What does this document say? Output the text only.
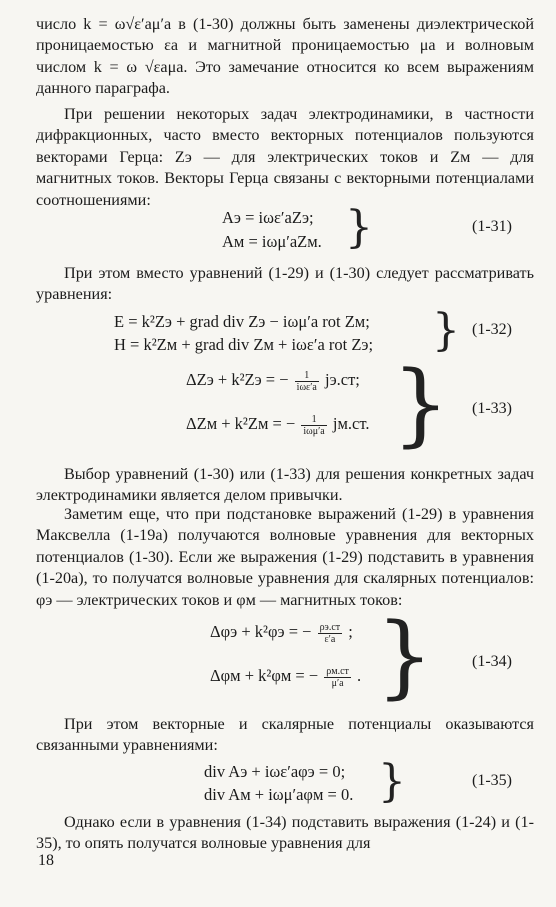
число k = ω√ε′aμ′a в (1-30) должны быть заменены диэлектрической проницаемостью εa и магнитной проницаемостью μa и волновым числом k = ω √εaμa. Это замечание относится ко всем выражениям данного параграфа.

При решении некоторых задач электродинамики, в частности дифракционных, часто вместо векторных потенциалов пользуются векторами Герца: Zэ — для электрических токов и Zм — для магнитных токов. Векторы Герца связаны с векторными потенциалами соотношениями:

Aэ = iωε′aZэ;
Aм = iωμ′aZм. }	(1-31)

При этом вместо уравнений (1-29) и (1-30) следует рассматривать уравнения:

E = k²Zэ + grad div Zэ − iωμ′a rot Zм;
H = k²Zм + grad div Zм + iωε′a rot Zэ; } (1-32)
ΔZэ + k²Zэ = − $\frac{1}{\text{iωε′a}} jэ.ст$;
ΔZм + k²Zм = − $\frac{1}{\text{iωμ′a}} jм.ст$. } (1-33)

Выбор уравнений (1-30) или (1-33) для решения конкретных задач электродинамики является делом привычки.

Заметим еще, что при подстановке выражений (1-29) в уравнения Максвелла (1-19а) получаются волновые уравнения для векторных потенциалов (1-30). Если же выражения (1-29) подставить в уравнения (1-20а), то получатся волновые уравнения для скалярных потенциалов: φэ — электрических токов и φм — магнитных токов:

Δφэ + k²φэ = − $\frac{\rho э.ст}{\varepsilon'a}$ ;
Δφм + k²φм = − $\frac{\rho м.ст}{\mu'a}$ . } (1-34)

При этом векторные и скалярные потенциалы оказываются связанными уравнениями:

div Aэ + iωε′aφэ = 0;
div Aм + iωμ′aφм = 0. }	(1-35)

Однако если в уравнения (1-34) подставить выражения (1-24) и (1-35), то опять получатся волновые уравнения для

18
